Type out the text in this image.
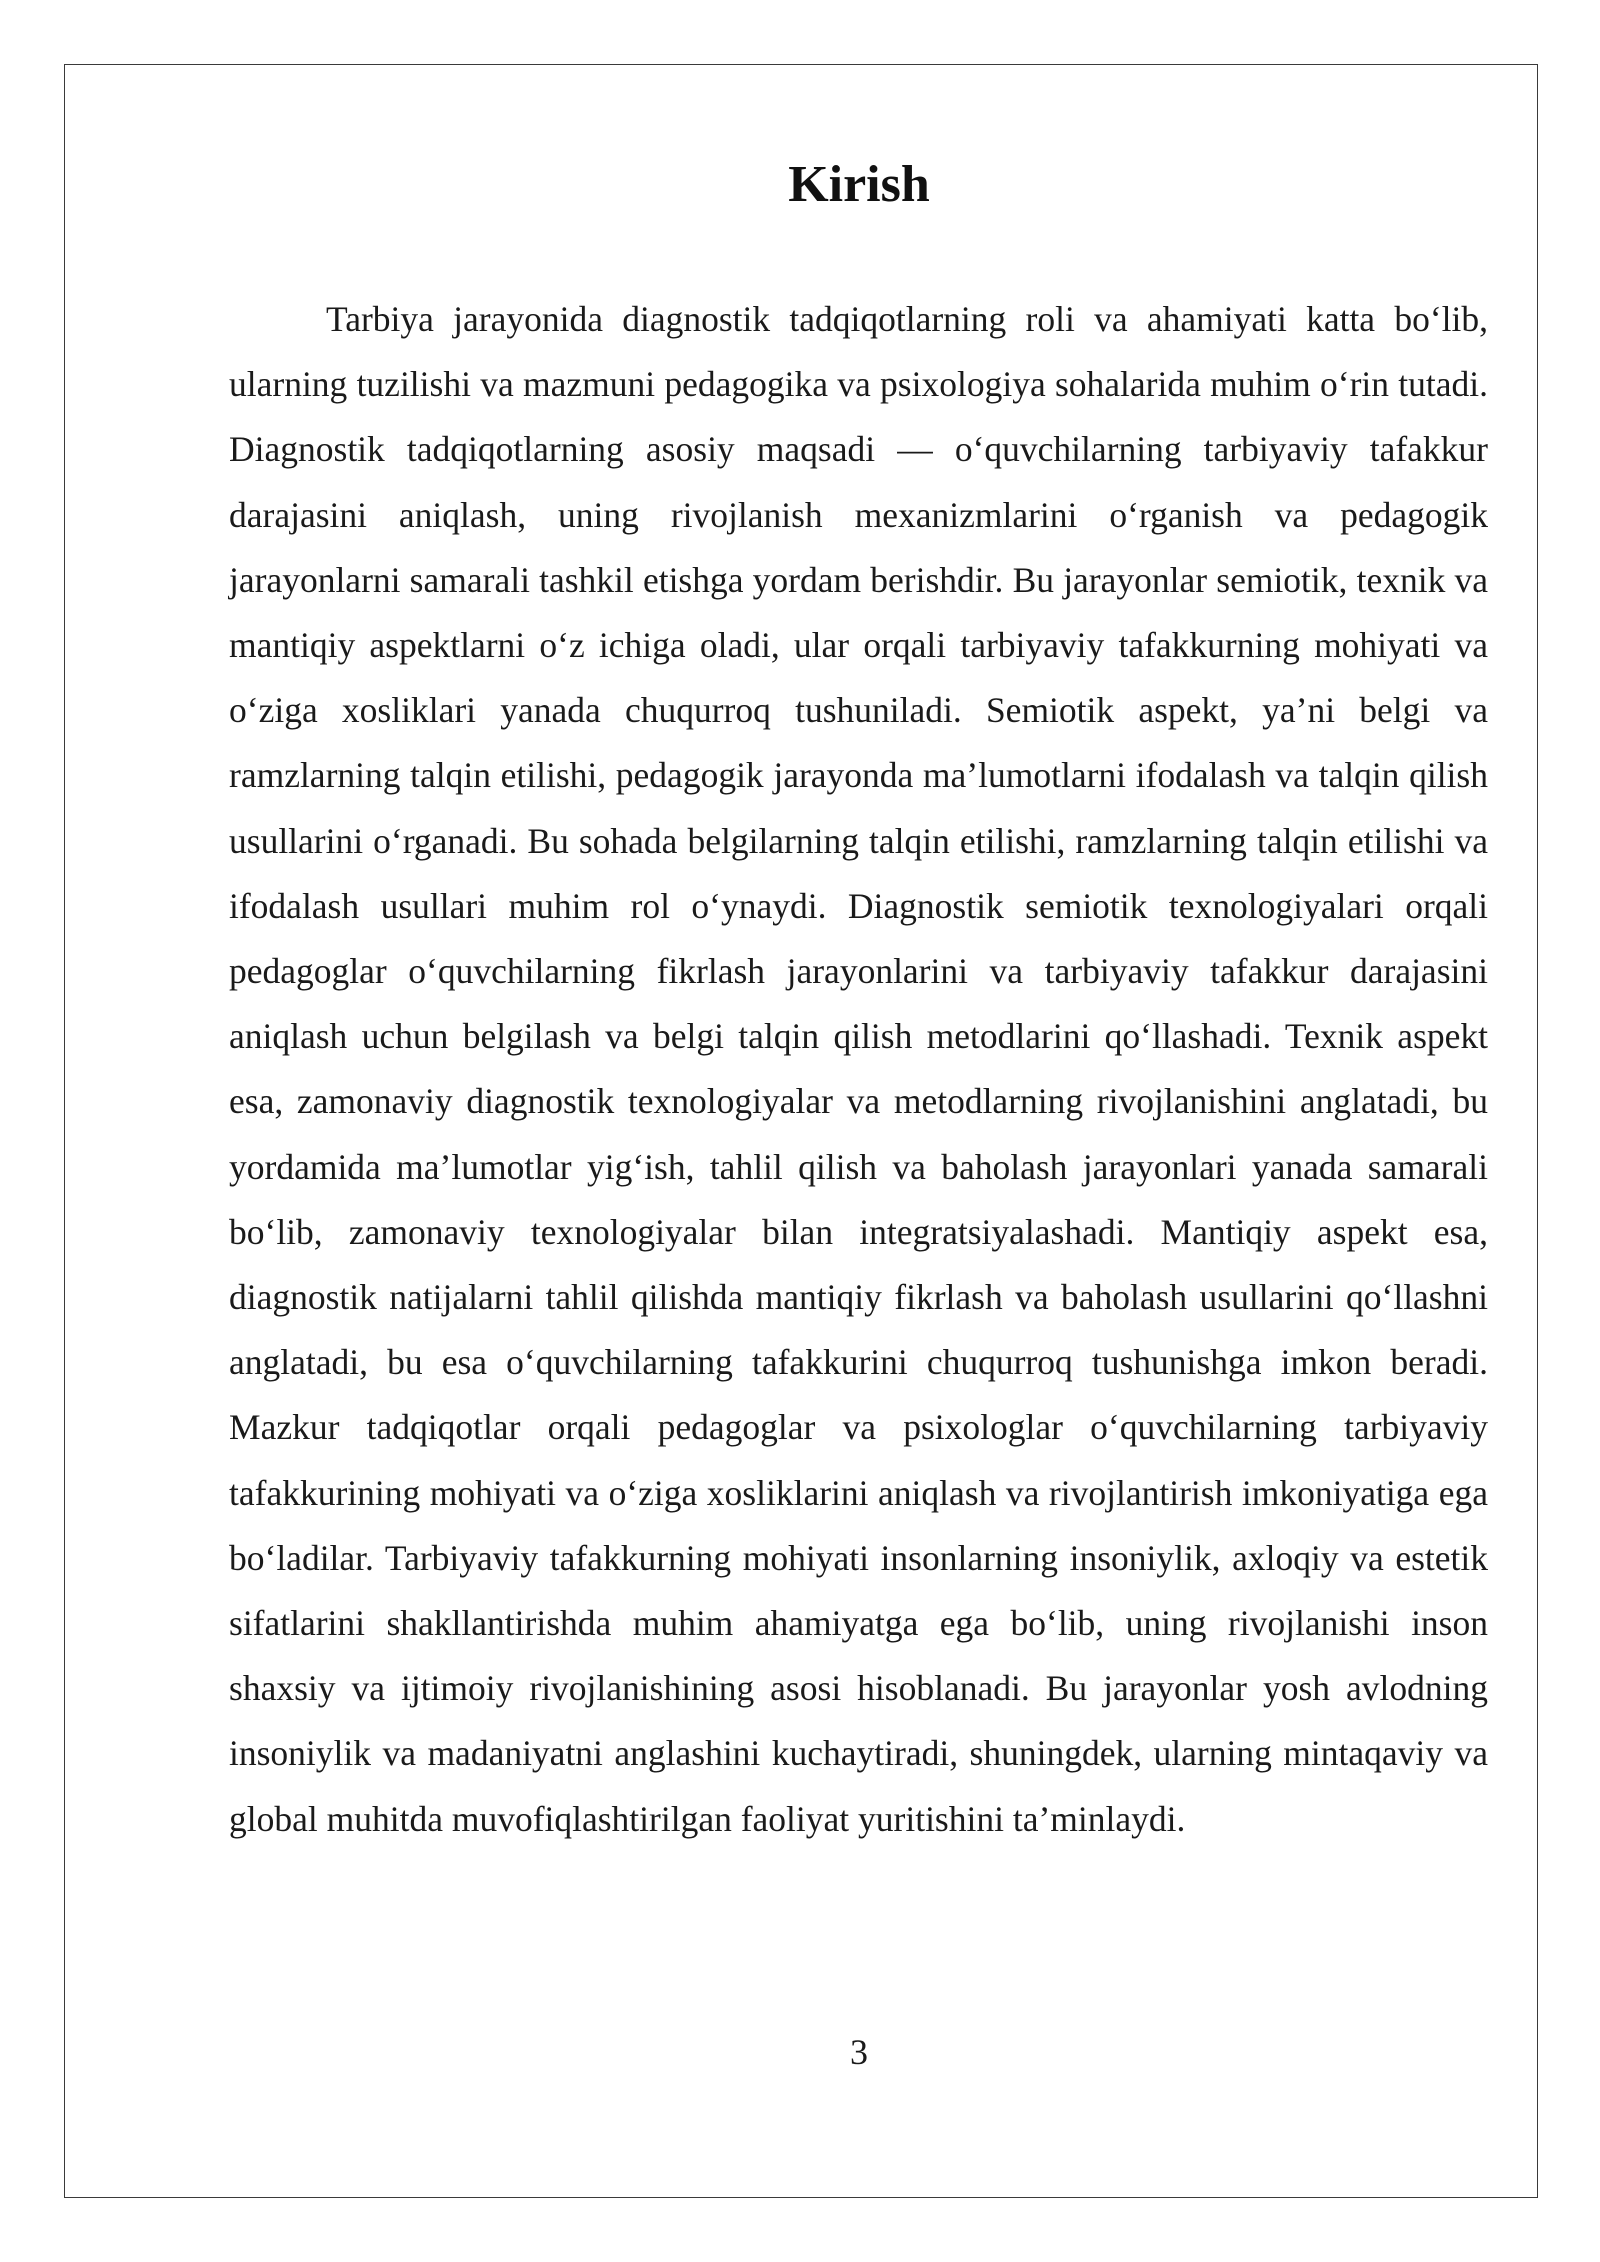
Kirish

Tarbiya jarayonida diagnostik tadqiqotlarning roli va ahamiyati katta bo‘lib, ularning tuzilishi va mazmuni pedagogika va psixologiya sohalarida muhim o‘rin tutadi. Diagnostik tadqiqotlarning asosiy maqsadi — o‘quvchilarning tarbiyaviy tafakkur darajasini aniqlash, uning rivojlanish mexanizmlarini o‘rganish va pedagogik jarayonlarni samarali tashkil etishga yordam berishdir. Bu jarayonlar semiotik, texnik va mantiqiy aspektlarni o‘z ichiga oladi, ular orqali tarbiyaviy tafakkurning mohiyati va o‘ziga xosliklari yanada chuqurroq tushuniladi. Semiotik aspekt, ya’ni belgi va ramzlarning talqin etilishi, pedagogik jarayonda ma’lumotlarni ifodalash va talqin qilish usullarini o‘rganadi. Bu sohada belgilarning talqin etilishi, ramzlarning talqin etilishi va ifodalash usullari muhim rol o‘ynaydi. Diagnostik semiotik texnologiyalari orqali pedagoglar o‘quvchilarning fikrlash jarayonlarini va tarbiyaviy tafakkur darajasini aniqlash uchun belgilash va belgi talqin qilish metodlarini qo‘llashadi. Texnik aspekt esa, zamonaviy diagnostik texnologiyalar va metodlarning rivojlanishini anglatadi, bu yordamida ma’lumotlar yig‘ish, tahlil qilish va baholash jarayonlari yanada samarali bo‘lib, zamonaviy texnologiyalar bilan integratsiyalashadi. Mantiqiy aspekt esa, diagnostik natijalarni tahlil qilishda mantiqiy fikrlash va baholash usullarini qo‘llashni anglatadi, bu esa o‘quvchilarning tafakkurini chuqurroq tushunishga imkon beradi. Mazkur tadqiqotlar orqali pedagoglar va psixologlar o‘quvchilarning tarbiyaviy tafakkurining mohiyati va o‘ziga xosliklarini aniqlash va rivojlantirish imkoniyatiga ega bo‘ladilar. Tarbiyaviy tafakkurning mohiyati insonlarning insoniylik, axloqiy va estetik sifatlarini shakllantirishda muhim ahamiyatga ega bo‘lib, uning rivojlanishi inson shaxsiy va ijtimoiy rivojlanishining asosi hisoblanadi. Bu jarayonlar yosh avlodning insoniylik va madaniyatni anglashini kuchaytiradi, shuningdek, ularning mintaqaviy va global muhitda muvofiqlashtirilgan faoliyat yuritishini ta’minlaydi.

3
